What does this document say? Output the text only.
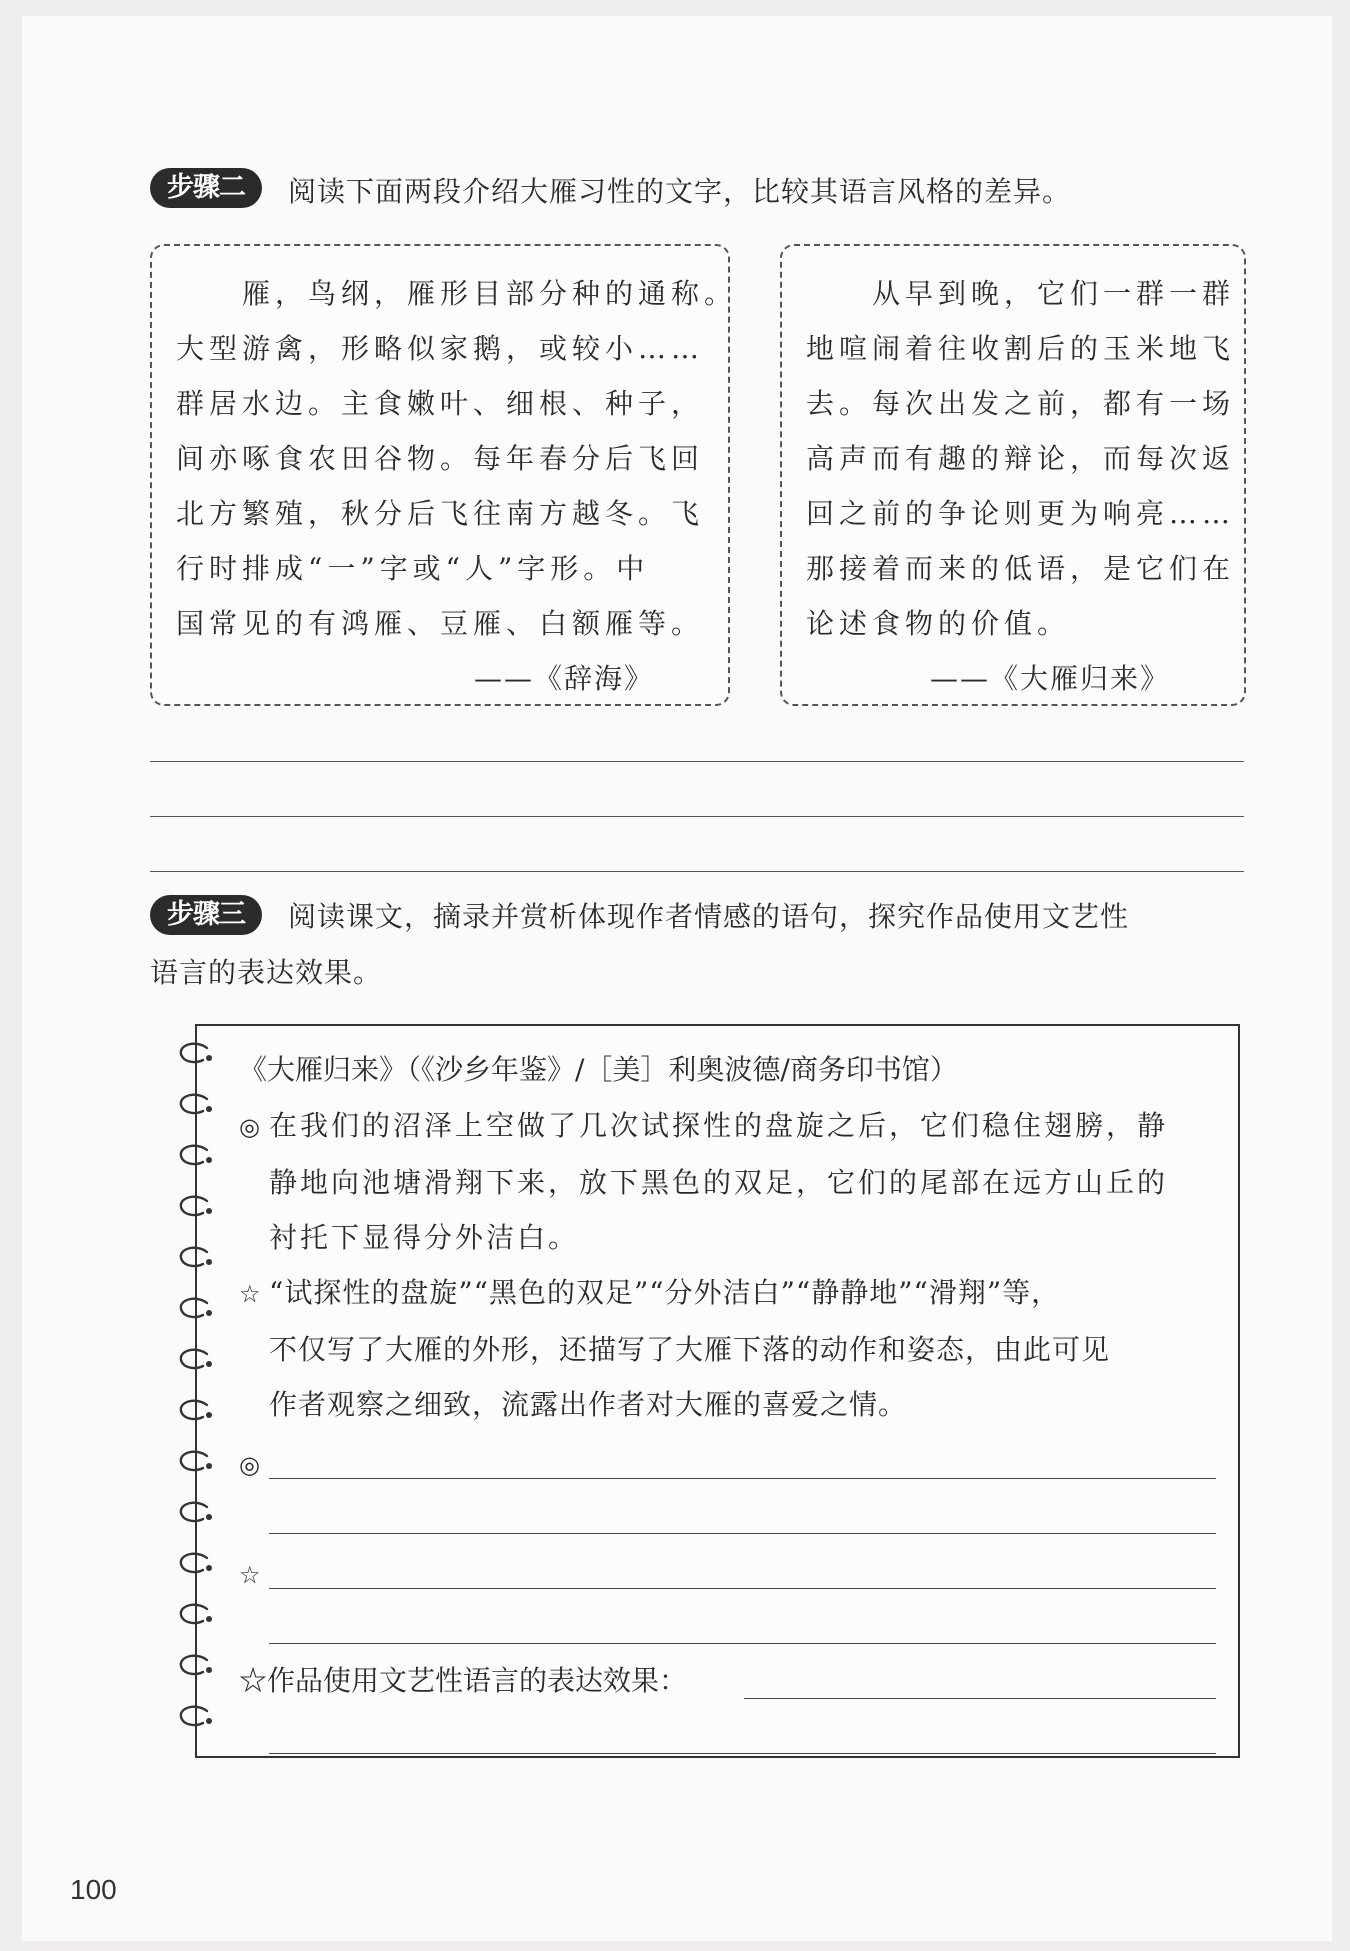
步骤二	阅读下面两段介绍大雁习性的文字，比较其语言风格的差异。
　　雁，鸟纲，雁形目部分种的通称。
大型游禽，形略似家鹅，或较小……
群居水边。主食嫩叶、细根、种子，
间亦啄食农田谷物。每年春分后飞回
北方繁殖，秋分后飞往南方越冬。飞
行时排成“一”字或“人”字形。中
国常见的有鸿雁、豆雁、白额雁等。
——《辞海》
　　从早到晚，它们一群一群
地喧闹着往收割后的玉米地飞
去。每次出发之前，都有一场
高声而有趣的辩论，而每次返
回之前的争论则更为响亮……
那接着而来的低语，是它们在
论述食物的价值。
——《大雁归来》
步骤三	阅读课文，摘录并赏析体现作者情感的语句，探究作品使用文艺性
语言的表达效果。
《大雁归来》（《沙乡年鉴》/［美］利奥波德/商务印书馆）
◎ 在我们的沼泽上空做了几次试探性的盘旋之后，它们稳住翅膀，静
静地向池塘滑翔下来，放下黑色的双足，它们的尾部在远方山丘的
衬托下显得分外洁白。
☆ “试探性的盘旋”“黑色的双足”“分外洁白”“静静地”“滑翔”等，
不仅写了大雁的外形，还描写了大雁下落的动作和姿态，由此可见
作者观察之细致，流露出作者对大雁的喜爱之情。
◎
☆
☆作品使用文艺性语言的表达效果：
100
